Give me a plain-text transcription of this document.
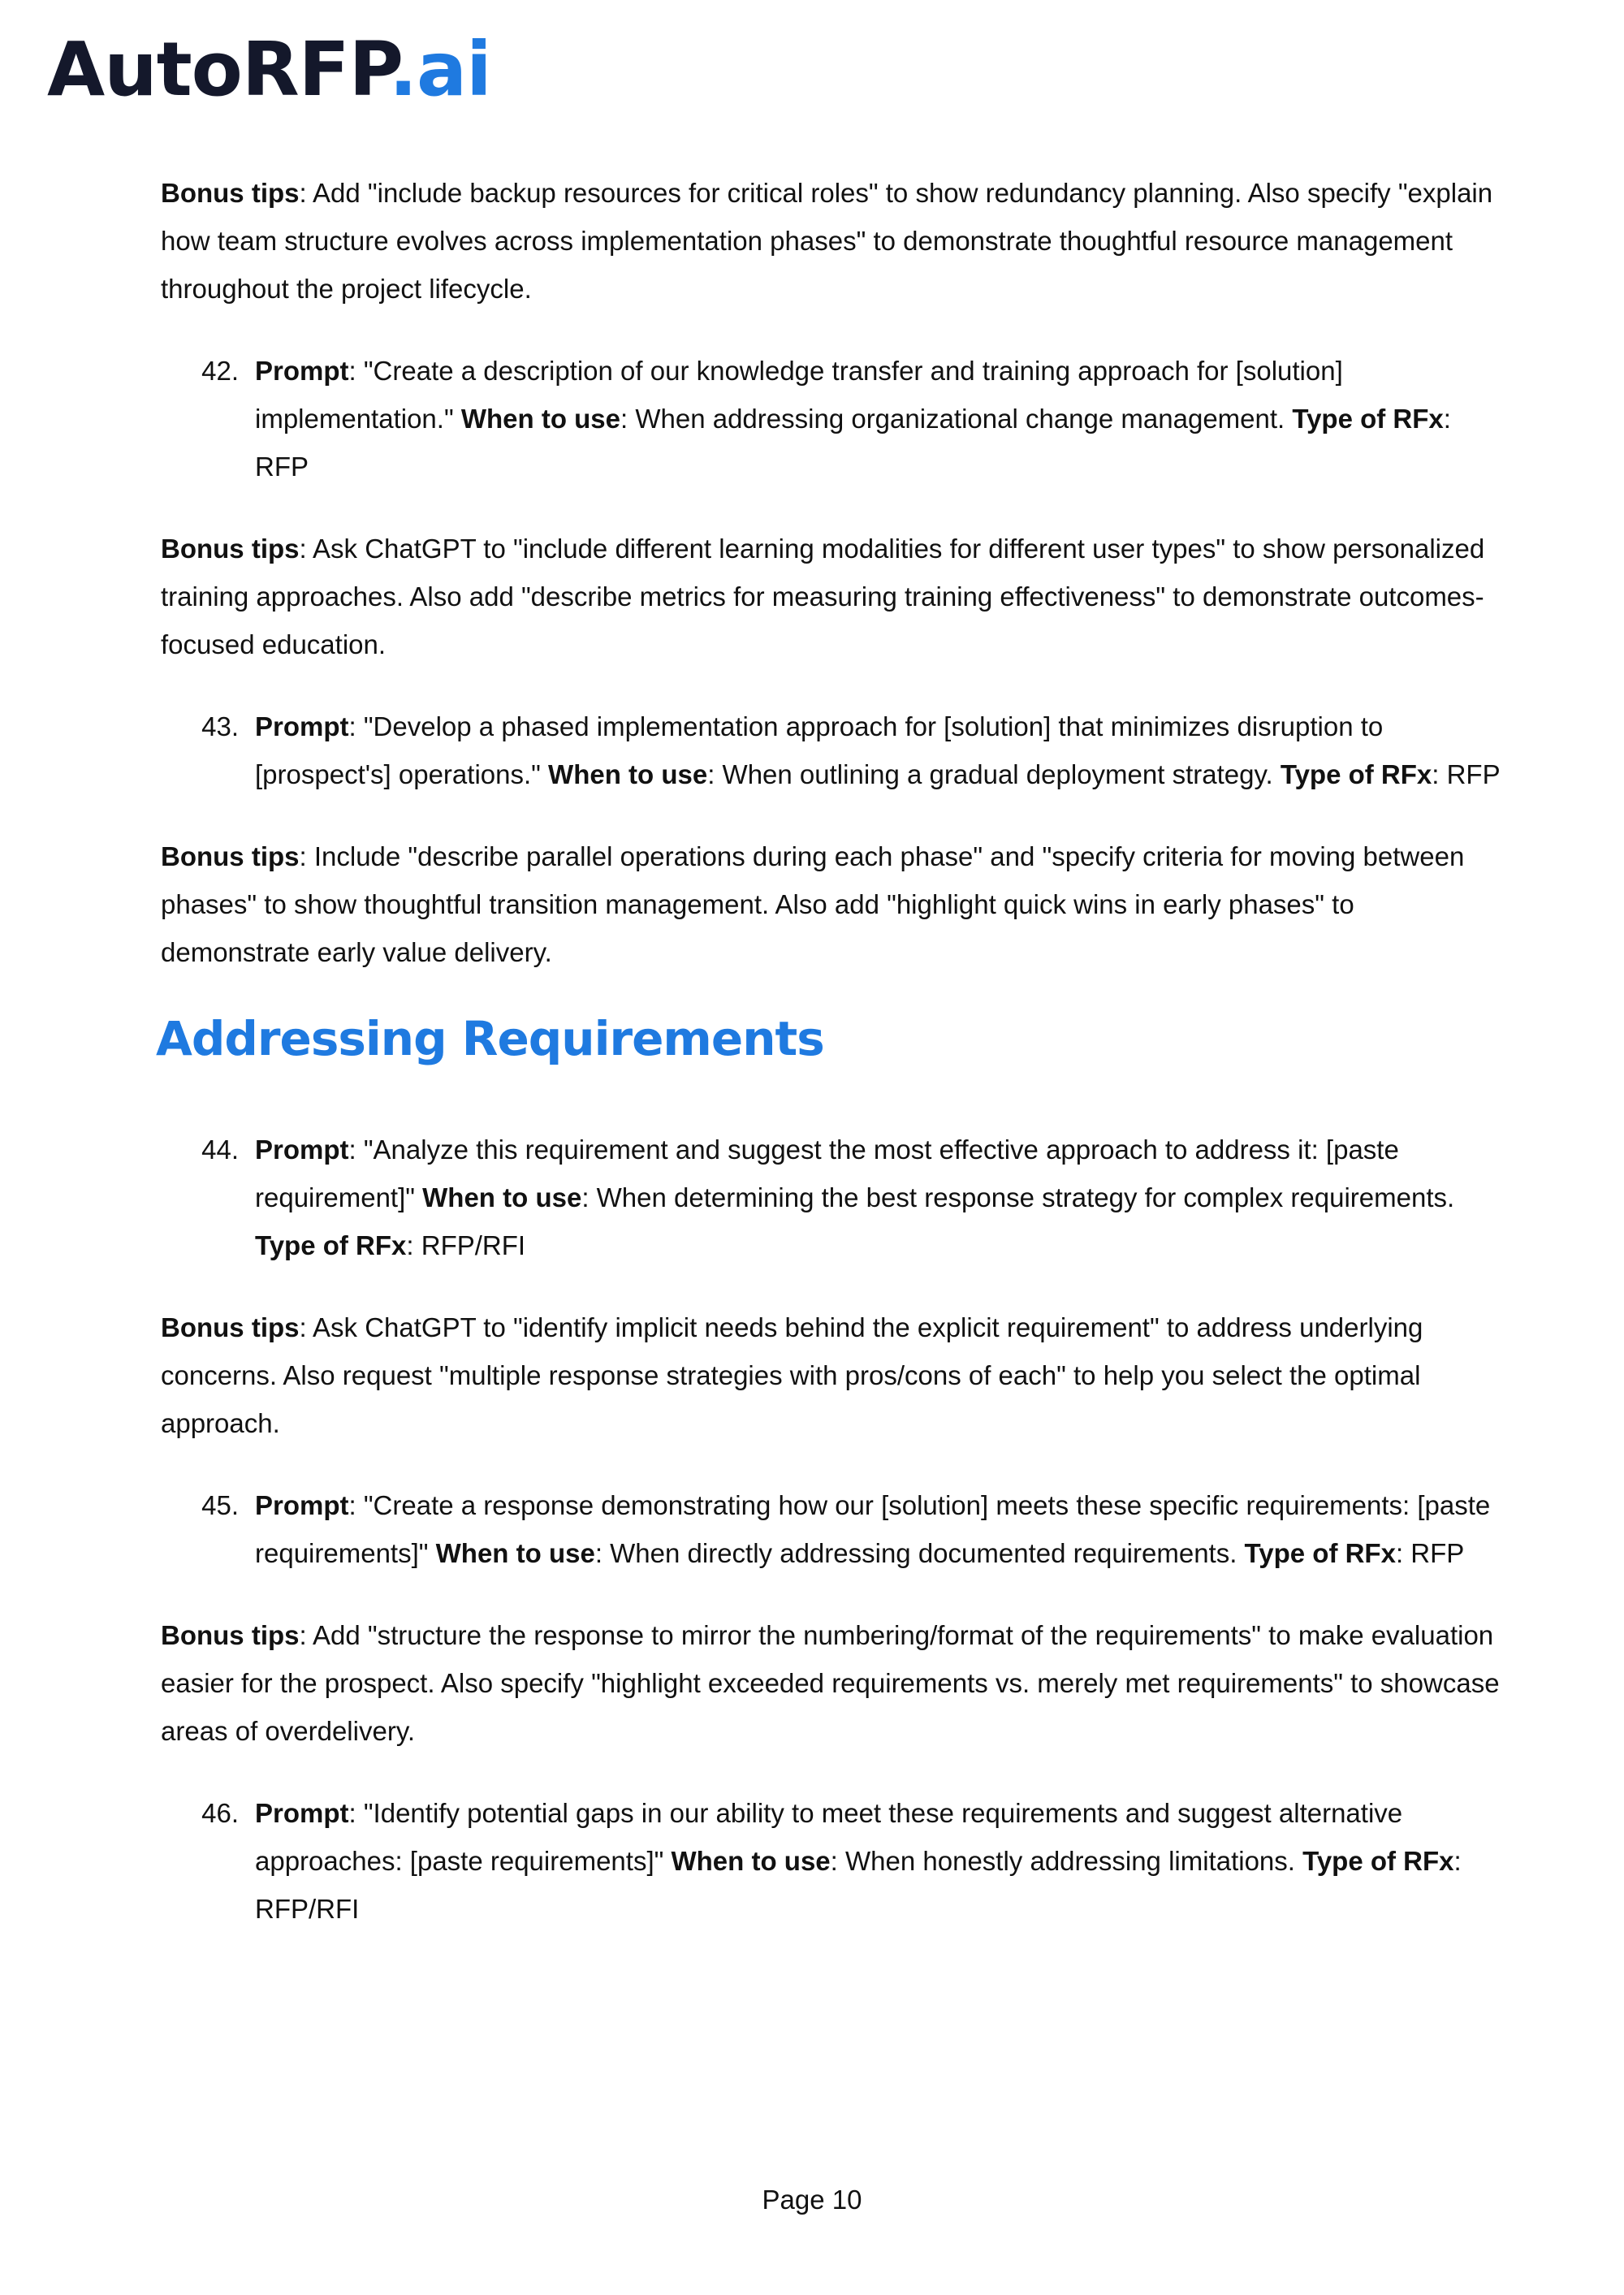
AutoRFP.ai

Bonus tips: Add "include backup resources for critical roles" to show redundancy planning. Also specify "explain how team structure evolves across implementation phases" to demonstrate thoughtful resource management throughout the project lifecycle.

42. Prompt: "Create a description of our knowledge transfer and training approach for [solution] implementation." When to use: When addressing organizational change management. Type of RFx: RFP

Bonus tips: Ask ChatGPT to "include different learning modalities for different user types" to show personalized training approaches. Also add "describe metrics for measuring training effectiveness" to demonstrate outcomes-focused education.

43. Prompt: "Develop a phased implementation approach for [solution] that minimizes disruption to [prospect's] operations." When to use: When outlining a gradual deployment strategy. Type of RFx: RFP

Bonus tips: Include "describe parallel operations during each phase" and "specify criteria for moving between phases" to show thoughtful transition management. Also add "highlight quick wins in early phases" to demonstrate early value delivery.

Addressing Requirements
44. Prompt: "Analyze this requirement and suggest the most effective approach to address it: [paste requirement]" When to use: When determining the best response strategy for complex requirements. Type of RFx: RFP/RFI

Bonus tips: Ask ChatGPT to "identify implicit needs behind the explicit requirement" to address underlying concerns. Also request "multiple response strategies with pros/cons of each" to help you select the optimal approach.

45. Prompt: "Create a response demonstrating how our [solution] meets these specific requirements: [paste requirements]" When to use: When directly addressing documented requirements. Type of RFx: RFP

Bonus tips: Add "structure the response to mirror the numbering/format of the requirements" to make evaluation easier for the prospect. Also specify "highlight exceeded requirements vs. merely met requirements" to showcase areas of overdelivery.

46. Prompt: "Identify potential gaps in our ability to meet these requirements and suggest alternative approaches: [paste requirements]" When to use: When honestly addressing limitations. Type of RFx: RFP/RFI
Page 10
